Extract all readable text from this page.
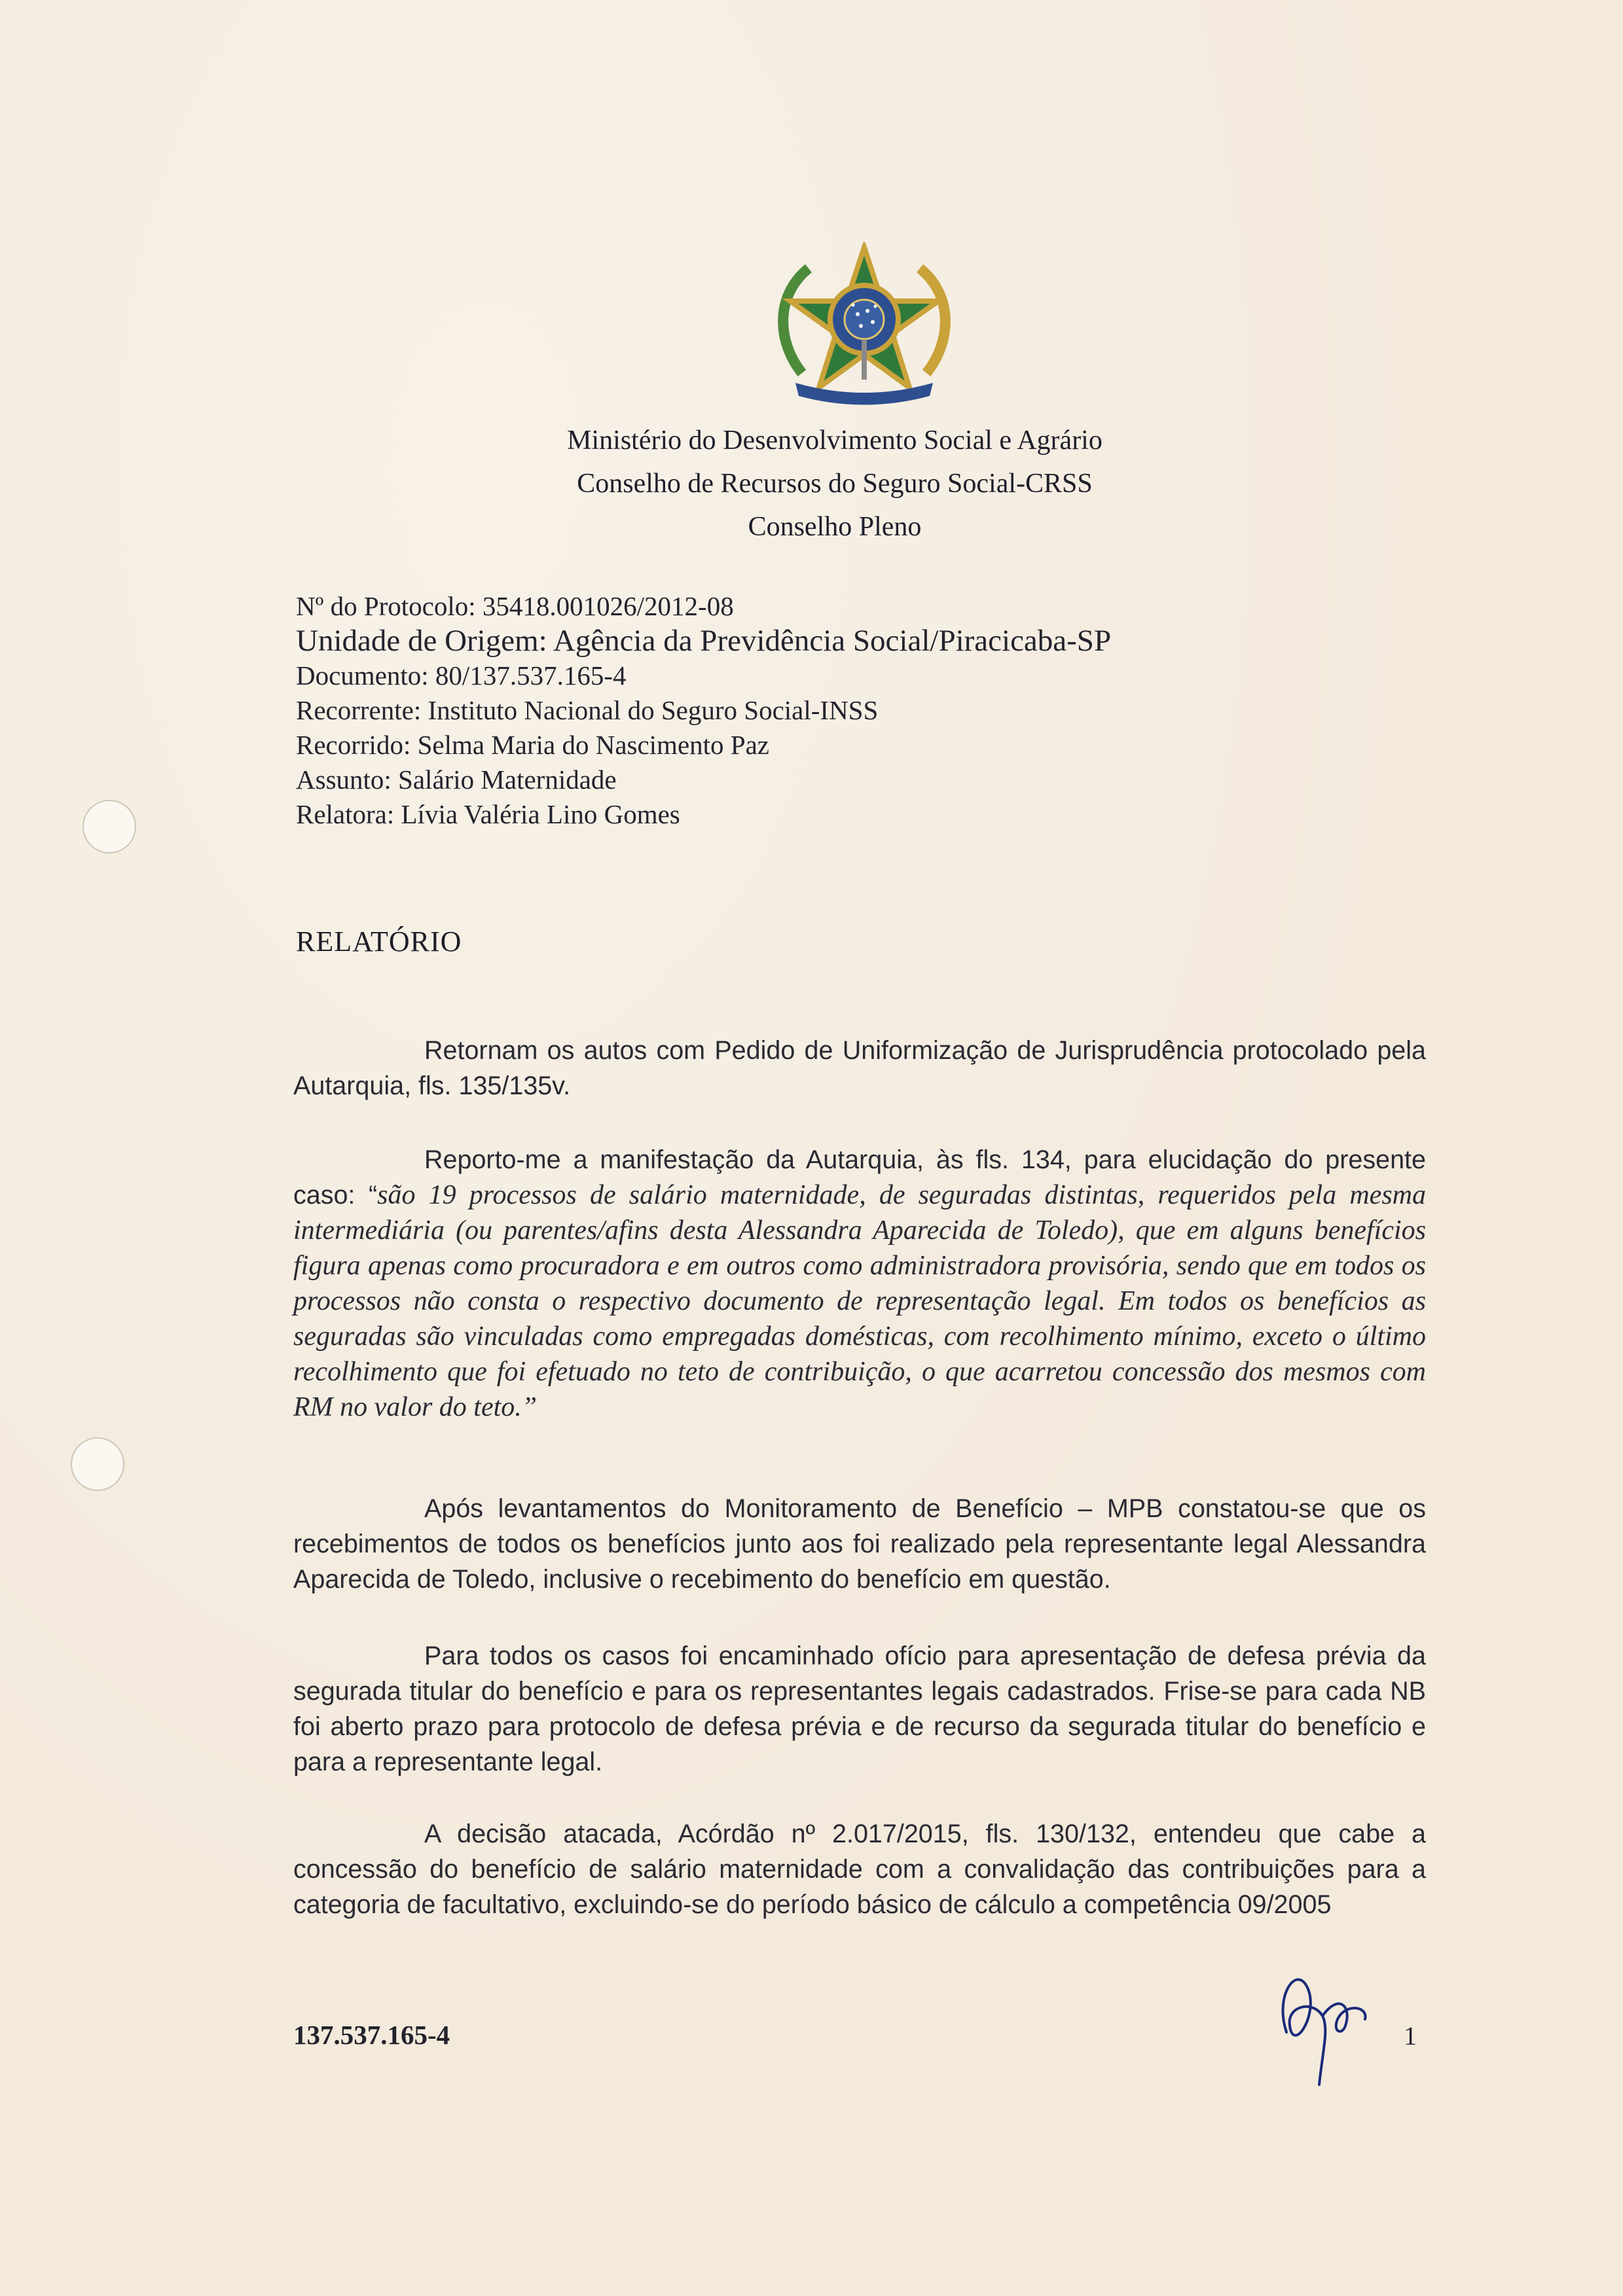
Ministério do Desenvolvimento Social e Agrário
Conselho de Recursos do Seguro Social-CRSS
Conselho Pleno
Nº do Protocolo: 35418.001026/2012-08
Unidade de Origem: Agência da Previdência Social/Piracicaba-SP
Documento: 80/137.537.165-4
Recorrente: Instituto Nacional do Seguro Social-INSS
Recorrido: Selma Maria do Nascimento Paz
Assunto: Salário Maternidade
Relatora: Lívia Valéria Lino Gomes
RELATÓRIO
Retornam os autos com Pedido de Uniformização de Jurisprudência protocolado pela Autarquia, fls. 135/135v.
Reporto-me a manifestação da Autarquia, às fls. 134, para elucidação do presente caso: “são 19 processos de salário maternidade, de seguradas distintas, requeridos pela mesma intermediária (ou parentes/afins desta Alessandra Aparecida de Toledo), que em alguns benefícios figura apenas como procuradora e em outros como administradora provisória, sendo que em todos os processos não consta o respectivo documento de representação legal. Em todos os benefícios as seguradas são vinculadas como empregadas domésticas, com recolhimento mínimo, exceto o último recolhimento que foi efetuado no teto de contribuição, o que acarretou concessão dos mesmos com RM no valor do teto.”
Após levantamentos do Monitoramento de Benefício – MPB constatou-se que os recebimentos de todos os benefícios junto aos foi realizado pela representante legal Alessandra Aparecida de Toledo, inclusive o recebimento do benefício em questão.
Para todos os casos foi encaminhado ofício para apresentação de defesa prévia da segurada titular do benefício e para os representantes legais cadastrados. Frise-se para cada NB foi aberto prazo para protocolo de defesa prévia e de recurso da segurada titular do benefício e para a representante legal.
A decisão atacada, Acórdão nº 2.017/2015, fls. 130/132, entendeu que cabe a concessão do benefício de salário maternidade com a convalidação das contribuições para a categoria de facultativo, excluindo-se do período básico de cálculo a competência 09/2005
137.537.165-4	1
